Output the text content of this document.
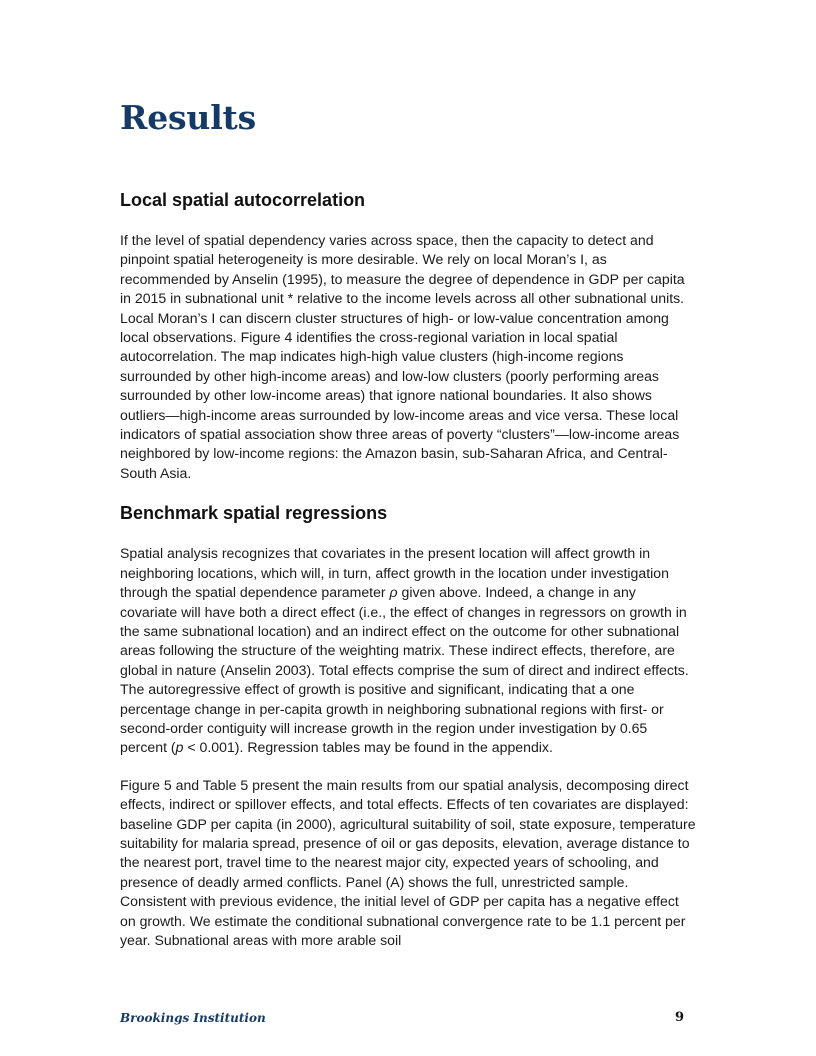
Results
Local spatial autocorrelation

If the level of spatial dependency varies across space, then the capacity to detect and pinpoint spatial heterogeneity is more desirable. We rely on local Moran’s I, as recommended by Anselin (1995), to measure the degree of dependence in GDP per capita in 2015 in subnational unit * relative to the income levels across all other subnational units. Local Moran’s I can discern cluster structures of high- or low-value concentration among local observations. Figure 4 identifies the cross-regional variation in local spatial autocorrelation. The map indicates high-high value clusters (high-income regions surrounded by other high-income areas) and low-low clusters (poorly performing areas surrounded by other low-income areas) that ignore national boundaries. It also shows outliers—high-income areas surrounded by low-income areas and vice versa. These local indicators of spatial association show three areas of poverty “clusters”—low-income areas neighbored by low-income regions: the Amazon basin, sub-Saharan Africa, and Central-South Asia.

Benchmark spatial regressions

Spatial analysis recognizes that covariates in the present location will affect growth in neighboring locations, which will, in turn, affect growth in the location under investigation through the spatial dependence parameter ρ given above. Indeed, a change in any covariate will have both a direct effect (i.e., the effect of changes in regressors on growth in the same subnational location) and an indirect effect on the outcome for other subnational areas following the structure of the weighting matrix. These indirect effects, therefore, are global in nature (Anselin 2003). Total effects comprise the sum of direct and indirect effects. The autoregressive effect of growth is positive and significant, indicating that a one percentage change in per-capita growth in neighboring subnational regions with first- or second-order contiguity will increase growth in the region under investigation by 0.65 percent (p < 0.001). Regression tables may be found in the appendix.

Figure 5 and Table 5 present the main results from our spatial analysis, decomposing direct effects, indirect or spillover effects, and total effects. Effects of ten covariates are displayed: baseline GDP per capita (in 2000), agricultural suitability of soil, state exposure, temperature suitability for malaria spread, presence of oil or gas deposits, elevation, average distance to the nearest port, travel time to the nearest major city, expected years of schooling, and presence of deadly armed conflicts. Panel (A) shows the full, unrestricted sample. Consistent with previous evidence, the initial level of GDP per capita has a negative effect on growth. We estimate the conditional subnational convergence rate to be 1.1 percent per year. Subnational areas with more arable soil

Brookings Institution	9
